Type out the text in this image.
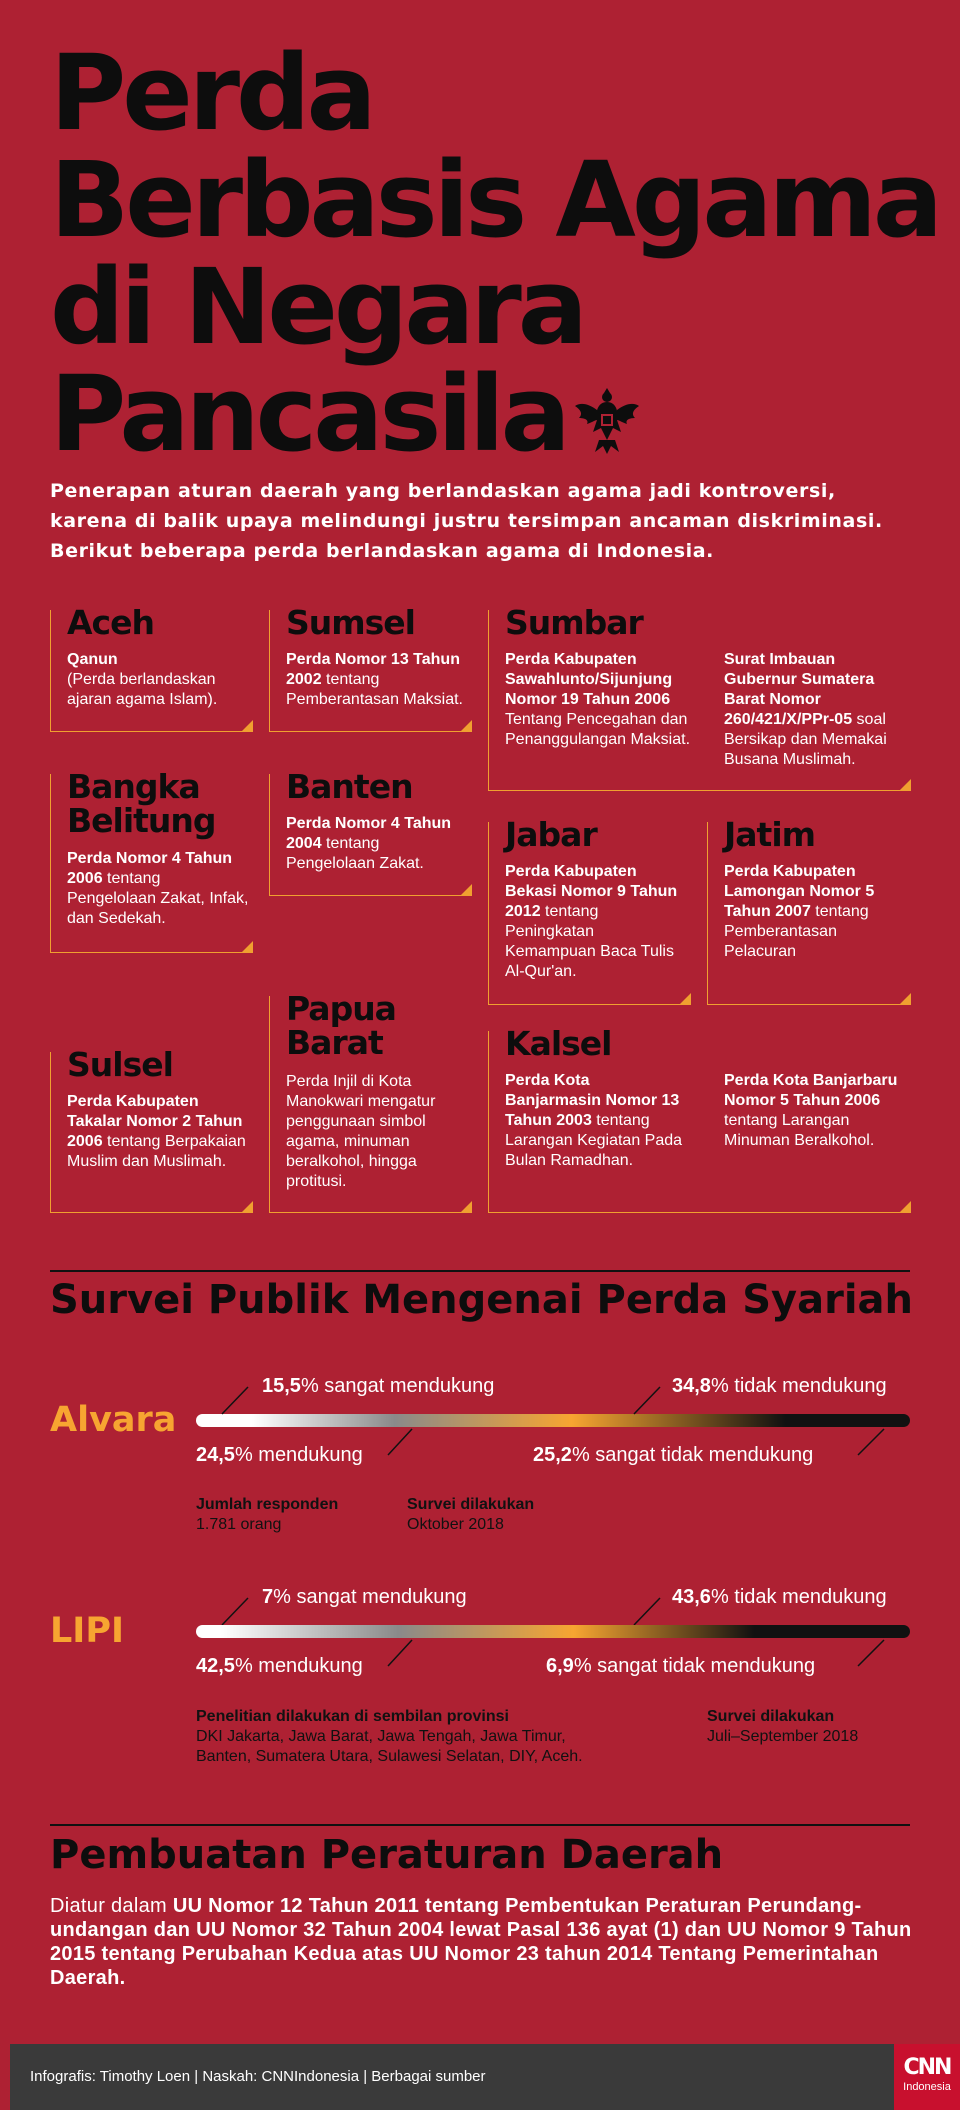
Perda
Berbasis Agama
di Negara
Pancasila
Penerapan aturan daerah yang berlandaskan agama jadi kontroversi, karena di balik upaya melindungi justru tersimpan ancaman diskriminasi. Berikut beberapa perda berlandaskan agama di Indonesia.
Aceh
Qanun
(Perda berlandaskan ajaran agama Islam).
Sumsel
Perda Nomor 13 Tahun 2002 tentang Pemberantasan Maksiat.
Sumbar
Perda Kabupaten Sawahlunto/Sijunjung Nomor 19 Tahun 2006 Tentang Pencegahan dan Penanggulangan Maksiat.
Surat Imbauan Gubernur Sumatera Barat Nomor 260/421/X/PPr-05 soal Bersikap dan Memakai Busana Muslimah.
Bangka
Belitung
Perda Nomor 4 Tahun 2006 tentang Pengelolaan Zakat, Infak, dan Sedekah.
Banten
Perda Nomor 4 Tahun 2004 tentang Pengelolaan Zakat.
Jabar
Perda Kabupaten Bekasi Nomor 9 Tahun 2012 tentang Peningkatan Kemampuan Baca Tulis Al-Qur'an.
Jatim
Perda Kabupaten Lamongan Nomor 5 Tahun 2007 tentang Pemberantasan Pelacuran
Sulsel
Perda Kabupaten Takalar Nomor 2 Tahun 2006 tentang Berpakaian Muslim dan Muslimah.
Papua
Barat
Perda Injil di Kota Manokwari mengatur penggunaan simbol agama, minuman beralkohol, hingga protitusi.
Kalsel
Perda Kota Banjarmasin Nomor 13 Tahun 2003 tentang Larangan Kegiatan Pada Bulan Ramadhan.
Perda Kota Banjarbaru Nomor 5 Tahun 2006 tentang Larangan Minuman Beralkohol.
Survei Publik Mengenai Perda Syariah
Alvara
15,5% sangat mendukung	34,8% tidak mendukung
24,5% mendukung	25,2% sangat tidak mendukung
Jumlah responden
1.781 orang
Survei dilakukan
Oktober 2018
LIPI
7% sangat mendukung	43,6% tidak mendukung
42,5% mendukung	6,9% sangat tidak mendukung
Penelitian dilakukan di sembilan provinsi
DKI Jakarta, Jawa Barat, Jawa Tengah, Jawa Timur,
Banten, Sumatera Utara, Sulawesi Selatan, DIY, Aceh.
Survei dilakukan
Juli–September 2018
Pembuatan Peraturan Daerah
Diatur dalam UU Nomor 12 Tahun 2011 tentang Pembentukan Peraturan Perundang-undangan dan UU Nomor 32 Tahun 2004 lewat Pasal 136 ayat (1) dan UU Nomor 9 Tahun 2015 tentang Perubahan Kedua atas UU Nomor 23 tahun 2014 Tentang Pemerintahan Daerah.
Infografis: Timothy Loen | Naskah: CNNIndonesia | Berbagai sumber	CNN
Indonesia
